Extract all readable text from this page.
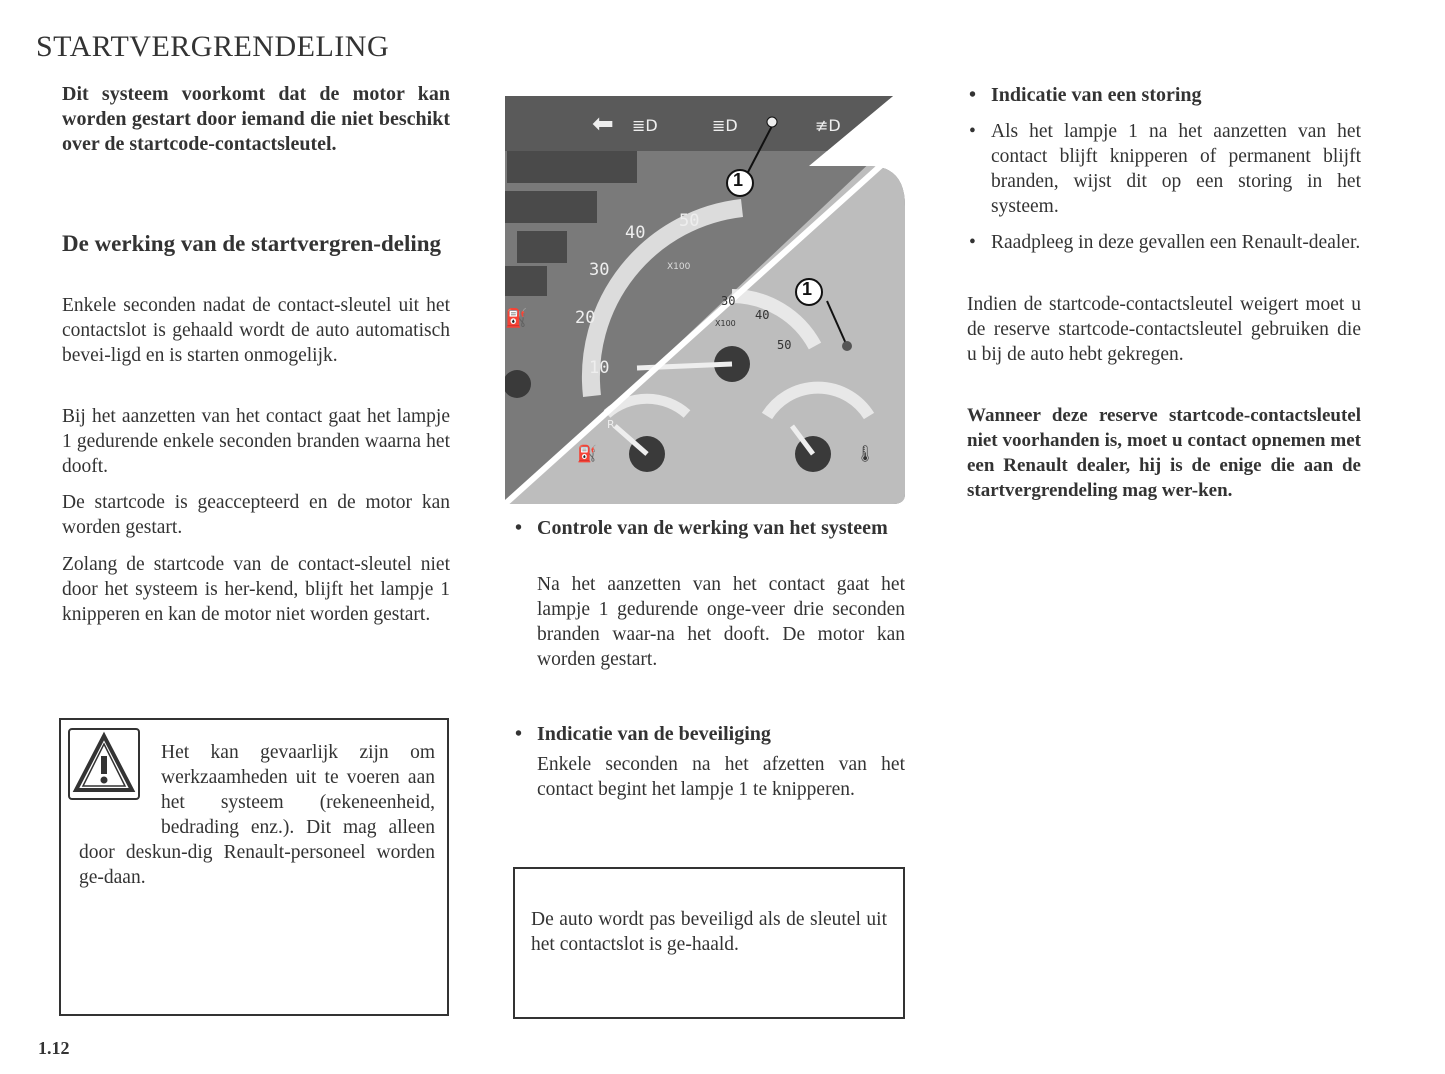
STARTVERGRENDELING
Dit systeem voorkomt dat de motor kan worden gestart door iemand die niet beschikt over de startcode-contactsleutel.
De werking van de startvergren-deling
Enkele seconden nadat de contact-sleutel uit het contactslot is gehaald wordt de auto automatisch bevei-ligd en is starten onmogelijk.
Bij het aanzetten van het contact gaat het lampje 1 gedurende enkele seconden branden waarna het dooft.
De startcode is geaccepteerd en de motor kan worden gestart.
Zolang de startcode van de contact-sleutel niet door het systeem is her-kend, blijft het lampje 1 knipperen en kan de motor niet worden gestart.
Het kan gevaarlijk zijn om werkzaamheden uit te voeren aan het systeem (rekeneenheid, bedrading enz.). Dit mag alleen door deskun-dig Renault-personeel worden ge-daan.
1.12
⬅ ≣D	≣D	≢D
1
1
10
20
30
40
50
X100
30
40
50
X100
R
⛽	🌡
⛽
• Controle van de werking van het systeem
Na het aanzetten van het contact gaat het lampje 1 gedurende onge-veer drie seconden branden waar-na het dooft. De motor kan worden gestart.
• Indicatie van de beveiliging
Enkele seconden na het afzetten van het contact begint het lampje 1 te knipperen.
De auto wordt pas beveiligd als de sleutel uit het contactslot is ge-haald.
• Indicatie van een storing
• Als het lampje 1 na het aanzetten van het contact blijft knipperen of permanent blijft branden, wijst dit op een storing in het systeem.
• Raadpleeg in deze gevallen een Renault-dealer.
Indien de startcode-contactsleutel weigert moet u de reserve startcode-contactsleutel gebruiken die u bij de auto hebt gekregen.
Wanneer deze reserve startcode-contactsleutel niet voorhanden is, moet u contact opnemen met een Renault dealer, hij is de enige die aan de startvergrendeling mag wer-ken.
